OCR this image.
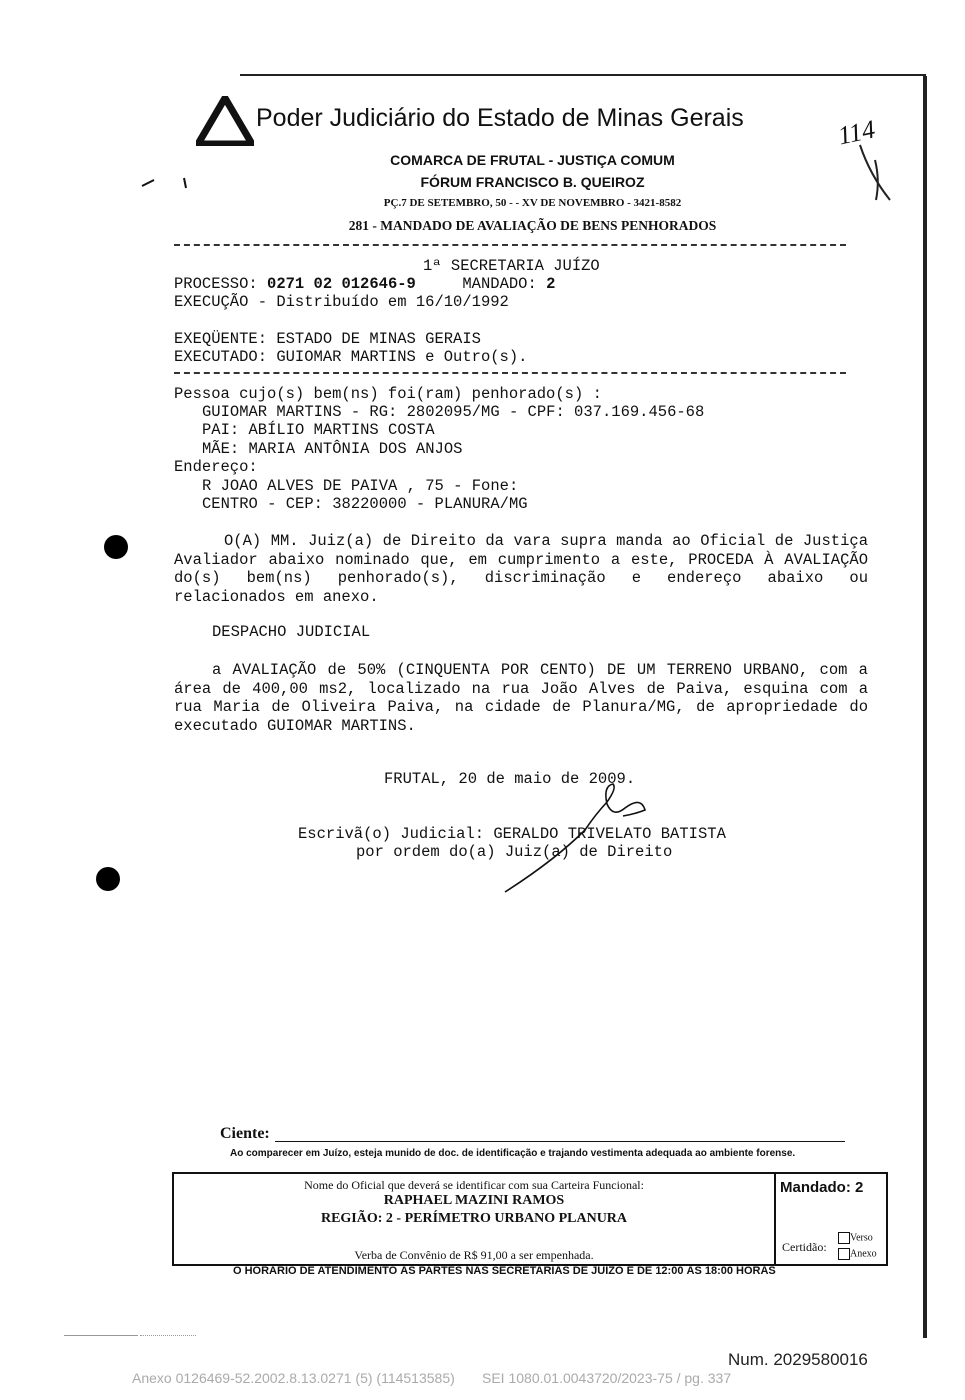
Poder Judiciário do Estado de Minas Gerais	114
COMARCA DE FRUTAL - JUSTIÇA COMUM
FÓRUM FRANCISCO B. QUEIROZ
PÇ.7 DE SETEMBRO, 50 - - XV DE NOVEMBRO - 3421-8582
281 - MANDADO DE AVALIAÇÃO DE BENS PENHORADOS
1ª SECRETARIA JUÍZO
PROCESSO: 0271 02 012646-9	MANDADO: 2
EXECUÇÃO - Distribuído em 16/10/1992
EXEQÜENTE: ESTADO DE MINAS GERAIS
EXECUTADO: GUIOMAR MARTINS e Outro(s).
Pessoa cujo(s) bem(ns) foi(ram) penhorado(s) :
GUIOMAR MARTINS - RG: 2802095/MG - CPF: 037.169.456-68
PAI: ABÍLIO MARTINS COSTA
MÃE: MARIA ANTÔNIA DOS ANJOS
Endereço:
R JOAO ALVES DE PAIVA , 75 - Fone:
CENTRO - CEP: 38220000 - PLANURA/MG
O(A) MM. Juiz(a) de Direito da vara supra manda ao Oficial de Justiça Avaliador abaixo nominado que, em cumprimento a este, PROCEDA À AVALIAÇÃO do(s) bem(ns) penhorado(s), discriminação e endereço abaixo ou relacionados em anexo.
DESPACHO JUDICIAL
a AVALIAÇÃO de 50% (CINQUENTA POR CENTO) DE UM TERRENO URBANO, com a área de 400,00 ms2, localizado na rua João Alves de Paiva, esquina com a rua Maria de Oliveira Paiva, na cidade de Planura/MG, de apropriedade do executado GUIOMAR MARTINS.
FRUTAL, 20 de maio de 2009.
Escrivã(o) Judicial: GERALDO TRIVELATO BATISTA
por ordem do(a) Juiz(a) de Direito
Ciente:
Ao comparecer em Juízo, esteja munido de doc. de identificação e trajando vestimenta adequada ao ambiente forense.
Nome do Oficial que deverá se identificar com sua Carteira Funcional:
RAPHAEL MAZINI RAMOS
REGIÃO: 2 - PERÍMETRO URBANO PLANURA
Verba de Convênio de R$ 91,00 a ser empenhada.
Mandado: 2
Certidão:
Verso
Anexo
O HORÁRIO DE ATENDIMENTO ÀS PARTES NAS SECRETARIAS DE JUÍZO É DE 12:00 ÀS 18:00 HORAS
Num. 2029580016
Anexo 0126469-52.2002.8.13.0271 (5) (114513585)       SEI 1080.01.0043720/2023-75 / pg. 337
